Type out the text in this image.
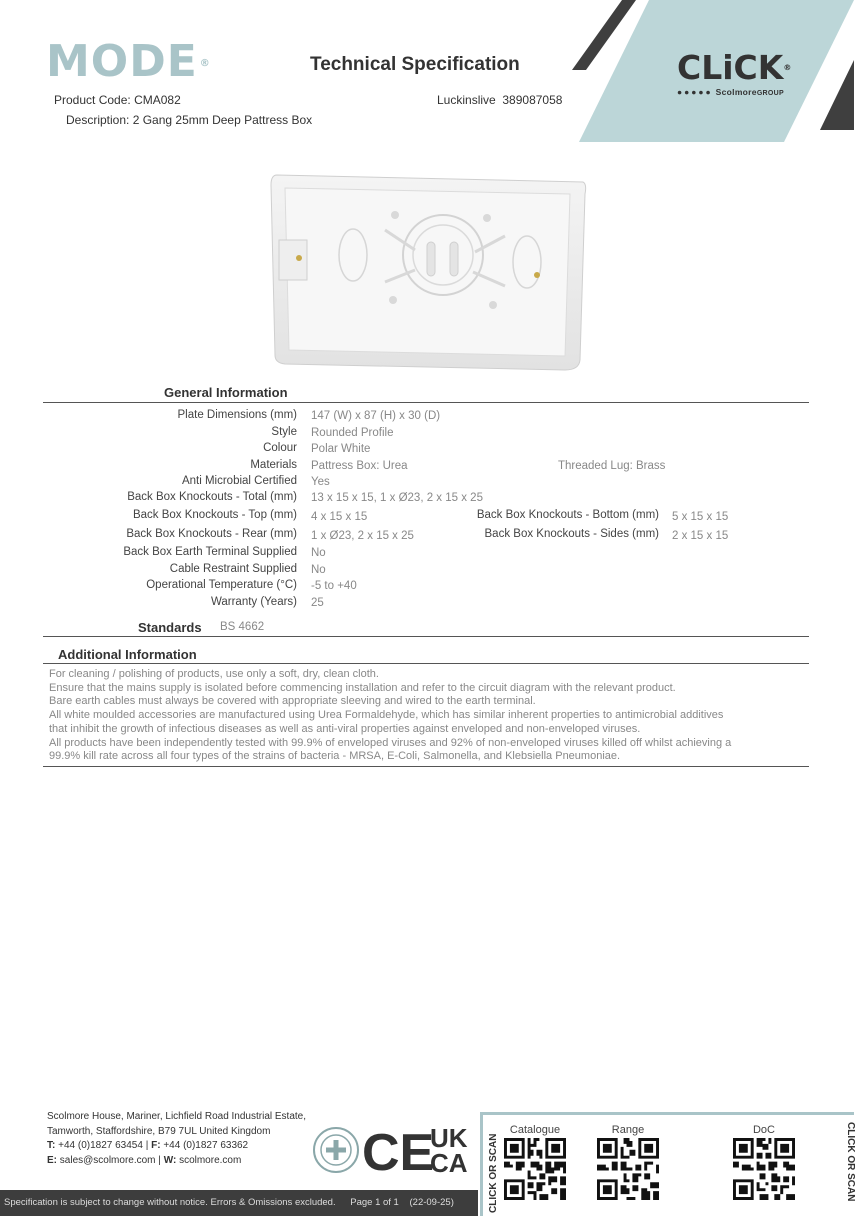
MODE ®	Technical Specification
Product Code: CMA082
Description: 2 Gang 25mm Deep Pattress Box
Luckinslive 389087058
CLiCK®
●●●●● ScolmoreGROUP
General Information
Plate Dimensions (mm) 147 (W) x 87 (H) x 30 (D)
Style Rounded Profile
Colour Polar White
Materials Pattress Box: Urea	Threaded Lug: Brass
Anti Microbial Certified Yes
Back Box Knockouts - Total (mm) 13 x 15 x 15, 1 x Ø23, 2 x 15 x 25
Back Box Knockouts - Top (mm) 4 x 15 x 15	Back Box Knockouts - Bottom (mm) 5 x 15 x 15
Back Box Knockouts - Rear (mm) 1 x Ø23, 2 x 15 x 25	Back Box Knockouts - Sides (mm) 2 x 15 x 15
Back Box Earth Terminal Supplied No
Cable Restraint Supplied No
Operational Temperature (°C) -5 to +40
Warranty (Years) 25
Standards BS 4662
Additional Information

For cleaning / polishing of products, use only a soft, dry, clean cloth.

Ensure that the mains supply is isolated before commencing installation and refer to the circuit diagram with the relevant product.

Bare earth cables must always be covered with appropriate sleeving and wired to the earth terminal.

All white moulded accessories are manufactured using Urea Formaldehyde, which has similar inherent properties to antimicrobial additives

that inhibit the growth of infectious diseases as well as anti-viral properties against enveloped and non-enveloped viruses.

All products have been independently tested with 99.9% of enveloped viruses and 92% of non-enveloped viruses killed off whilst achieving a

99.9% kill rate across all four types of the strains of bacteria - MRSA, E-Coli, Salmonella, and Klebsiella Pneumoniae.

Scolmore House, Mariner, Lichfield Road Industrial Estate,
Tamworth, Staffordshire, B79 7UL United Kingdom
T: +44 (0)1827 63454 | F: +44 (0)1827 63362
E: sales@scolmore.com | W: scolmore.com	CE
UK
CA
Specification is subject to change without notice. Errors & Omissions excluded. Page 1 of 1 (22-09-25)	CLICK OR SCAN	CLICK OR SCAN
Catalogue	Range	DoC
